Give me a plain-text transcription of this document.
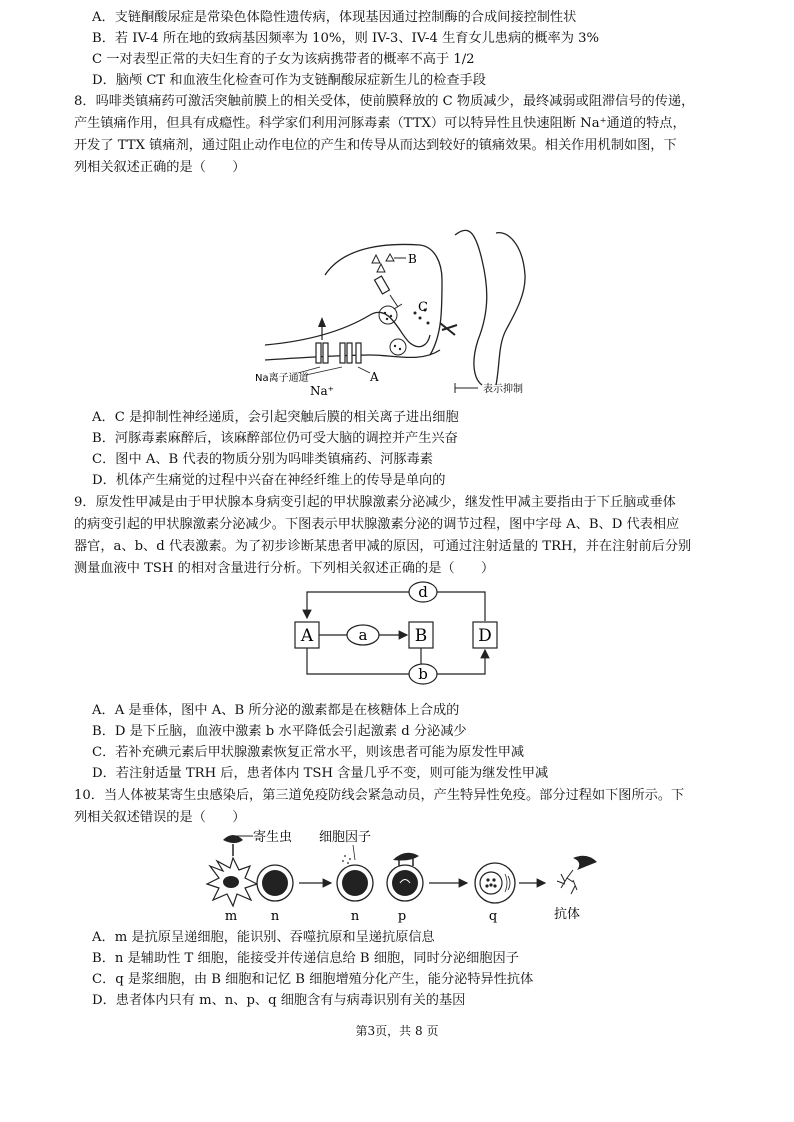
A．支链酮酸尿症是常染色体隐性遗传病，体现基因通过控制酶的合成间接控制性状
B．若 IV-4 所在地的致病基因频率为 10%，则 IV-3、IV-4 生育女儿患病的概率为 3%
C 一对表型正常的夫妇生育的子女为该病携带者的概率不高于 1/2
D．脑颅 CT 和血液生化检查可作为支链酮酸尿症新生儿的检查手段
8．吗啡类镇痛药可激活突触前膜上的相关受体，使前膜释放的 C 物质减少，最终减弱或阻滞信号的传递，
产生镇痛作用，但具有成瘾性。科学家们利用河豚毒素（TTX）可以特异性且快速阻断 Na⁺通道的特点，
开发了 TTX 镇痛剂，通过阻止动作电位的产生和传导从而达到较好的镇痛效果。相关作用机制如图，下
列相关叙述正确的是（　　）
B
C
Na离子通道
Na⁺
A
表示抑制
A．C 是抑制性神经递质，会引起突触后膜的相关离子进出细胞
B．河豚毒素麻醉后，该麻醉部位仍可受大脑的调控并产生兴奋
C．图中 A、B 代表的物质分别为吗啡类镇痛药、河豚毒素
D．机体产生痛觉的过程中兴奋在神经纤维上的传导是单向的
9．原发性甲减是由于甲状腺本身病变引起的甲状腺激素分泌减少，继发性甲减主要指由于下丘脑或垂体
的病变引起的甲状腺激素分泌减少。下图表示甲状腺激素分泌的调节过程，图中字母 A、B、D 代表相应
器官，a、b、d 代表激素。为了初步诊断某患者甲减的原因，可通过注射适量的 TRH，并在注射前后分别
测量血液中 TSH 的相对含量进行分析。下列相关叙述正确的是（　　）
A	B	D
a
d
b
A．A 是垂体，图中 A、B 所分泌的激素都是在核糖体上合成的
B．D 是下丘脑，血液中激素 b 水平降低会引起激素 d 分泌减少
C．若补充碘元素后甲状腺激素恢复正常水平，则该患者可能为原发性甲减
D．若注射适量 TRH 后，患者体内 TSH 含量几乎不变，则可能为继发性甲减
10．当人体被某寄生虫感染后，第三道免疫防线会紧急动员，产生特异性免疫。部分过程如下图所示。下
列相关叙述错误的是（　　）
寄生虫 细胞因子
m	n	n	p	q	抗体
A．m 是抗原呈递细胞，能识别、吞噬抗原和呈递抗原信息
B．n 是辅助性 T 细胞，能接受并传递信息给 B 细胞，同时分泌细胞因子
C．q 是浆细胞，由 B 细胞和记忆 B 细胞增殖分化产生，能分泌特异性抗体
D．患者体内只有 m、n、p、q 细胞含有与病毒识别有关的基因
第3页，共 8 页
